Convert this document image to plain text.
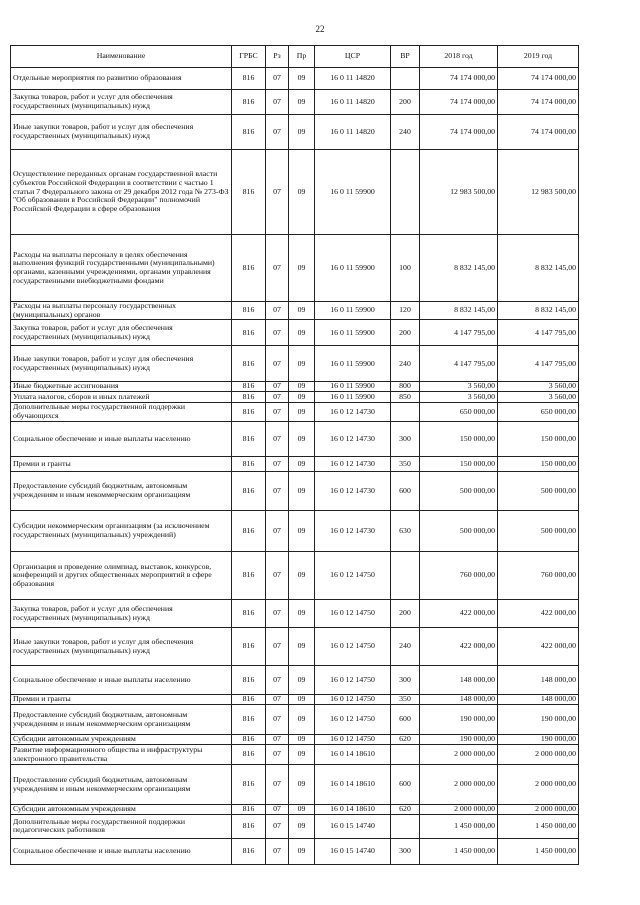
22
Наименование	ГРБС	Рз	Пр	ЦСР	ВР	2018 год	2019 год
Отдельные мероприятия по развитию образования	816	07	09	16 0 11 14820		74 174 000,00	74 174 000,00
Закупка товаров, работ и услуг для обеспечения государственных (муниципальных) нужд	816	07	09	16 0 11 14820	200	74 174 000,00	74 174 000,00
Иные закупки товаров, работ и услуг для обеспечения государственных (муниципальных) нужд	816	07	09	16 0 11 14820	240	74 174 000,00	74 174 000,00
Осуществление переданных органам государственной власти субъектов Российской Федерации в соответствии с частью 1 статьи 7 Федерального закона от 29 декабря 2012 года № 273-ФЗ "Об образовании в Российской Федерации" полномочий Российской Федерации в сфере образования	816	07	09	16 0 11 59900		12 983 500,00	12 983 500,00
Расходы на выплаты персоналу в целях обеспечения выполнения функций государственными (муниципальными) органами, казенными учреждениями, органами управления государственными внебюджетными фондами	816	07	09	16 0 11 59900	100	8 832 145,00	8 832 145,00
Расходы на выплаты персоналу государственных (муниципальных) органов	816	07	09	16 0 11 59900	120	8 832 145,00	8 832 145,00
Закупка товаров, работ и услуг для обеспечения государственных (муниципальных) нужд	816	07	09	16 0 11 59900	200	4 147 795,00	4 147 795,00
Иные закупки товаров, работ и услуг для обеспечения государственных (муниципальных) нужд	816	07	09	16 0 11 59900	240	4 147 795,00	4 147 795,00
Иные бюджетные ассигнования	816	07	09	16 0 11 59900	800	3 560,00	3 560,00
Уплата налогов, сборов и иных платежей	816	07	09	16 0 11 59900	850	3 560,00	3 560,00
Дополнительные меры государственной поддержки обучающихся	816	07	09	16 0 12 14730		650 000,00	650 000,00
Социальное обеспечение и иные выплаты населению	816	07	09	16 0 12 14730	300	150 000,00	150 000,00
Премии и гранты	816	07	09	16 0 12 14730	350	150 000,00	150 000,00
Предоставление субсидий бюджетным, автономным учреждениям и иным некоммерческим организациям	816	07	09	16 0 12 14730	600	500 000,00	500 000,00
Субсидии некоммерческим организациям (за исключением государственных (муниципальных) учреждений)	816	07	09	16 0 12 14730	630	500 000,00	500 000,00
Организация и проведение олимпиад, выставок, конкурсов, конференций и других общественных мероприятий в сфере образования	816	07	09	16 0 12 14750		760 000,00	760 000,00
Закупка товаров, работ и услуг для обеспечения государственных (муниципальных) нужд	816	07	09	16 0 12 14750	200	422 000,00	422 000,00
Иные закупки товаров, работ и услуг для обеспечения государственных (муниципальных) нужд	816	07	09	16 0 12 14750	240	422 000,00	422 000,00
Социальное обеспечение и иные выплаты населению	816	07	09	16 0 12 14750	300	148 000,00	148 000,00
Премии и гранты	816	07	09	16 0 12 14750	350	148 000,00	148 000,00
Предоставление субсидий бюджетным, автономным учреждениям и иным некоммерческим организациям	816	07	09	16 0 12 14750	600	190 000,00	190 000,00
Субсидии автономным учреждениям	816	07	09	16 0 12 14750	620	190 000,00	190 000,00
Развитие информационного общества и инфраструктуры электронного правительства	816	07	09	16 0 14 18610		2 000 000,00	2 000 000,00
Предоставление субсидий бюджетным, автономным учреждениям и иным некоммерческим организациям	816	07	09	16 0 14 18610	600	2 000 000,00	2 000 000,00
Субсидии автономным учреждениям	816	07	09	16 0 14 18610	620	2 000 000,00	2 000 000,00
Дополнительные меры государственной поддержки педагогических работников	816	07	09	16 0 15 14740		1 450 000,00	1 450 000,00
Социальное обеспечение и иные выплаты населению	816	07	09	16 0 15 14740	300	1 450 000,00	1 450 000,00
